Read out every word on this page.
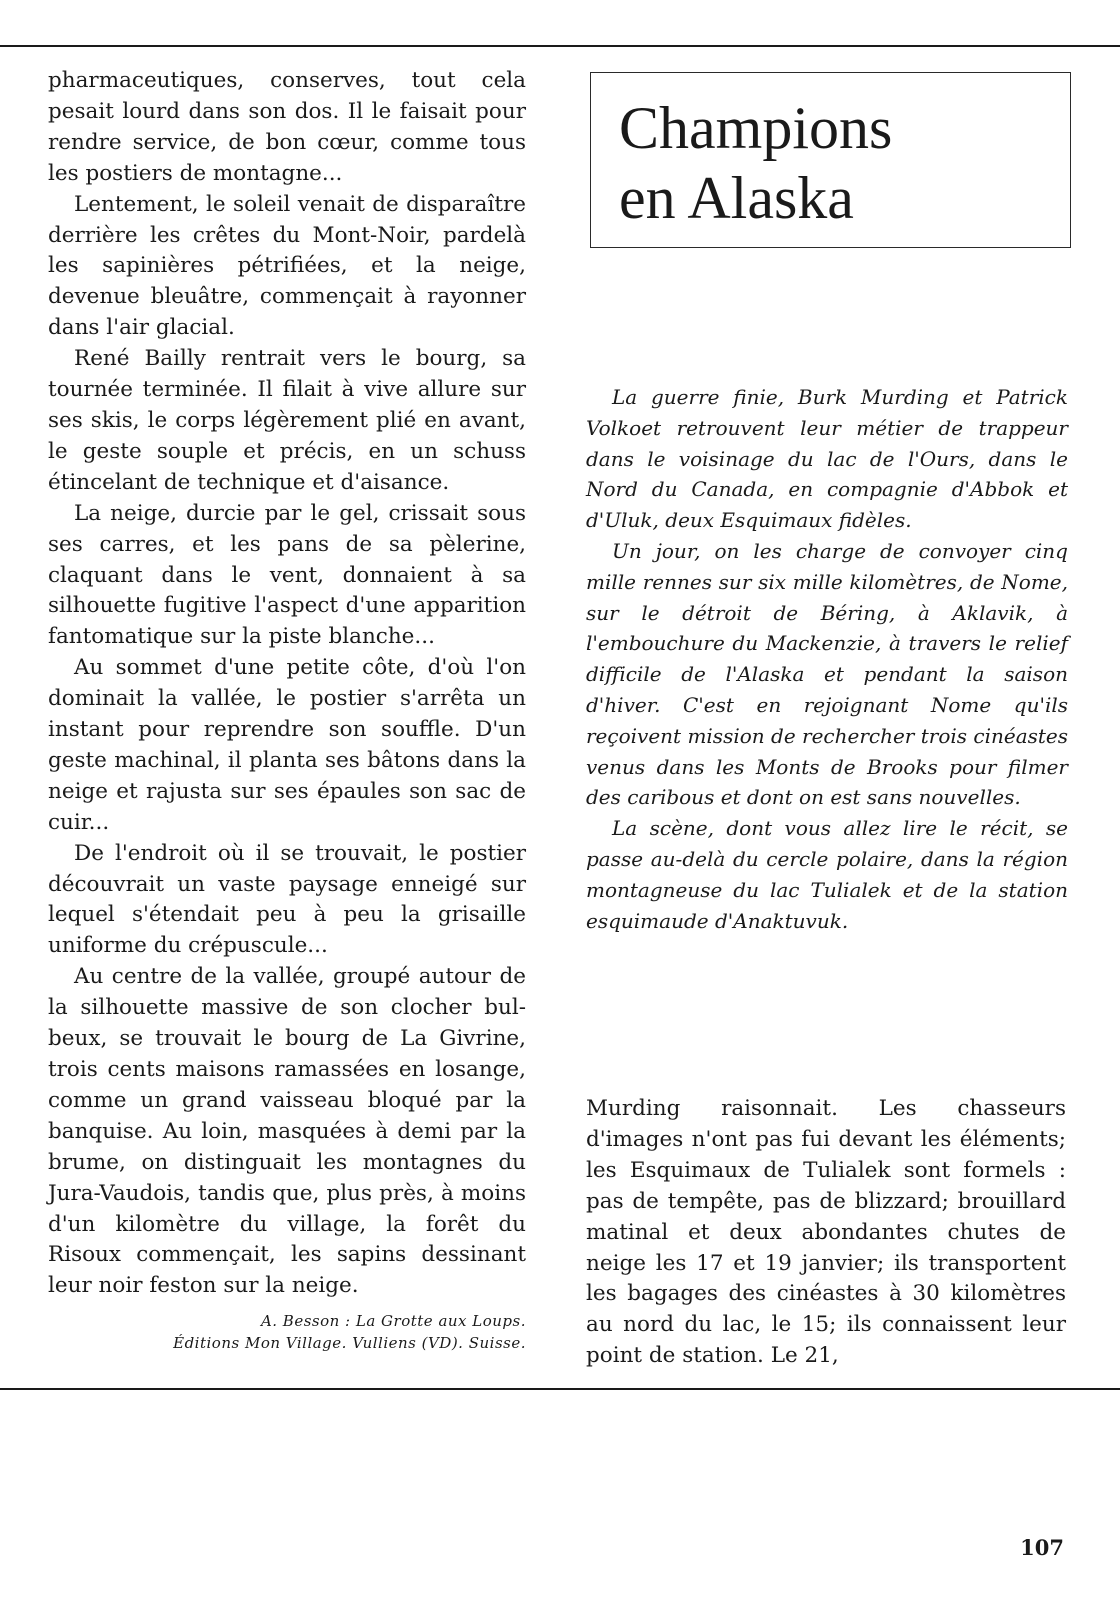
pharmaceutiques, conserves, tout cela pesait lourd dans son dos. Il le faisait pour rendre service, de bon cœur, comme tous les postiers de montagne...

Lentement, le soleil venait de disparaître derrière les crêtes du Mont-Noir, pardelà les sapinières pétrifiées, et la neige, devenue bleuâtre, commençait à rayonner dans l'air glacial.

René Bailly rentrait vers le bourg, sa tournée terminée. Il filait à vive allure sur ses skis, le corps légèrement plié en avant, le geste souple et précis, en un schuss étincelant de technique et d'aisance.

La neige, durcie par le gel, crissait sous ses carres, et les pans de sa pèlerine, claquant dans le vent, donnaient à sa silhouette fugitive l'aspect d'une apparition fantomatique sur la piste blanche...

Au sommet d'une petite côte, d'où l'on dominait la vallée, le postier s'arrêta un instant pour reprendre son souffle. D'un geste machinal, il planta ses bâtons dans la neige et rajusta sur ses épaules son sac de cuir...

De l'endroit où il se trouvait, le postier découvrait un vaste paysage enneigé sur lequel s'étendait peu à peu la grisaille uniforme du crépuscule...

Au centre de la vallée, groupé autour de la silhouette massive de son clocher bulbeux, se trouvait le bourg de La Givrine, trois cents maisons ramassées en losange, comme un grand vaisseau bloqué par la banquise. Au loin, masquées à demi par la brume, on distinguait les montagnes du Jura-Vaudois, tandis que, plus près, à moins d'un kilomètre du village, la forêt du Risoux commençait, les sapins dessinant leur noir feston sur la neige.

A. Besson : La Grotte aux Loups.
Éditions Mon Village. Vulliens (VD). Suisse.
Champions
en Alaska

La guerre finie, Burk Murding et Patrick Volkoet retrouvent leur métier de trappeur dans le voisinage du lac de l'Ours, dans le Nord du Canada, en compagnie d'Abbok et d'Uluk, deux Esquimaux fidèles.

Un jour, on les charge de convoyer cinq mille rennes sur six mille kilomètres, de Nome, sur le détroit de Béring, à Aklavik, à l'embouchure du Mackenzie, à travers le relief difficile de l'Alaska et pendant la saison d'hiver. C'est en rejoignant Nome qu'ils reçoivent mission de rechercher trois cinéastes venus dans les Monts de Brooks pour filmer des caribous et dont on est sans nouvelles.

La scène, dont vous allez lire le récit, se passe au-delà du cercle polaire, dans la région montagneuse du lac Tulialek et de la station esquimaude d'Anaktuvuk.

Murding raisonnait. Les chasseurs d'images n'ont pas fui devant les éléments; les Esquimaux de Tulialek sont formels : pas de tempête, pas de blizzard; brouillard matinal et deux abondantes chutes de neige les 17 et 19 janvier; ils transportent les bagages des cinéastes à 30 kilomètres au nord du lac, le 15; ils connaissent leur point de station. Le 21,

107
